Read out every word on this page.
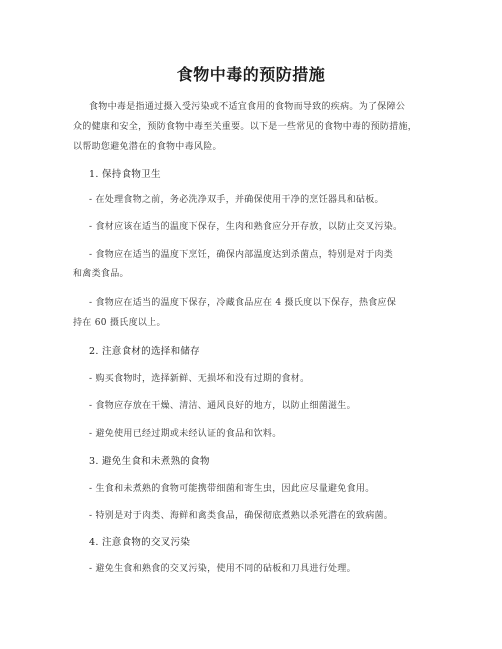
食物中毒的预防措施
食物中毒是指通过摄入受污染或不适宜食用的食物而导致的疾病。为了保障公
众的健康和安全，预防食物中毒至关重要。以下是一些常见的食物中毒的预防措施，
以帮助您避免潜在的食物中毒风险。
1. 保持食物卫生
- 在处理食物之前，务必洗净双手，并确保使用干净的烹饪器具和砧板。
- 食材应该在适当的温度下保存，生肉和熟食应分开存放，以防止交叉污染。
- 食物应在适当的温度下烹饪，确保内部温度达到杀菌点，特别是对于肉类
和禽类食品。
- 食物应在适当的温度下保存，冷藏食品应在 4 摄氏度以下保存，热食应保
持在 60 摄氏度以上。
2. 注意食材的选择和储存
- 购买食物时，选择新鲜、无损坏和没有过期的食材。
- 食物应存放在干燥、清洁、通风良好的地方，以防止细菌滋生。
- 避免使用已经过期或未经认证的食品和饮料。
3. 避免生食和未煮熟的食物
- 生食和未煮熟的食物可能携带细菌和寄生虫，因此应尽量避免食用。
- 特别是对于肉类、海鲜和禽类食品，确保彻底煮熟以杀死潜在的致病菌。
4. 注意食物的交叉污染
- 避免生食和熟食的交叉污染，使用不同的砧板和刀具进行处理。
